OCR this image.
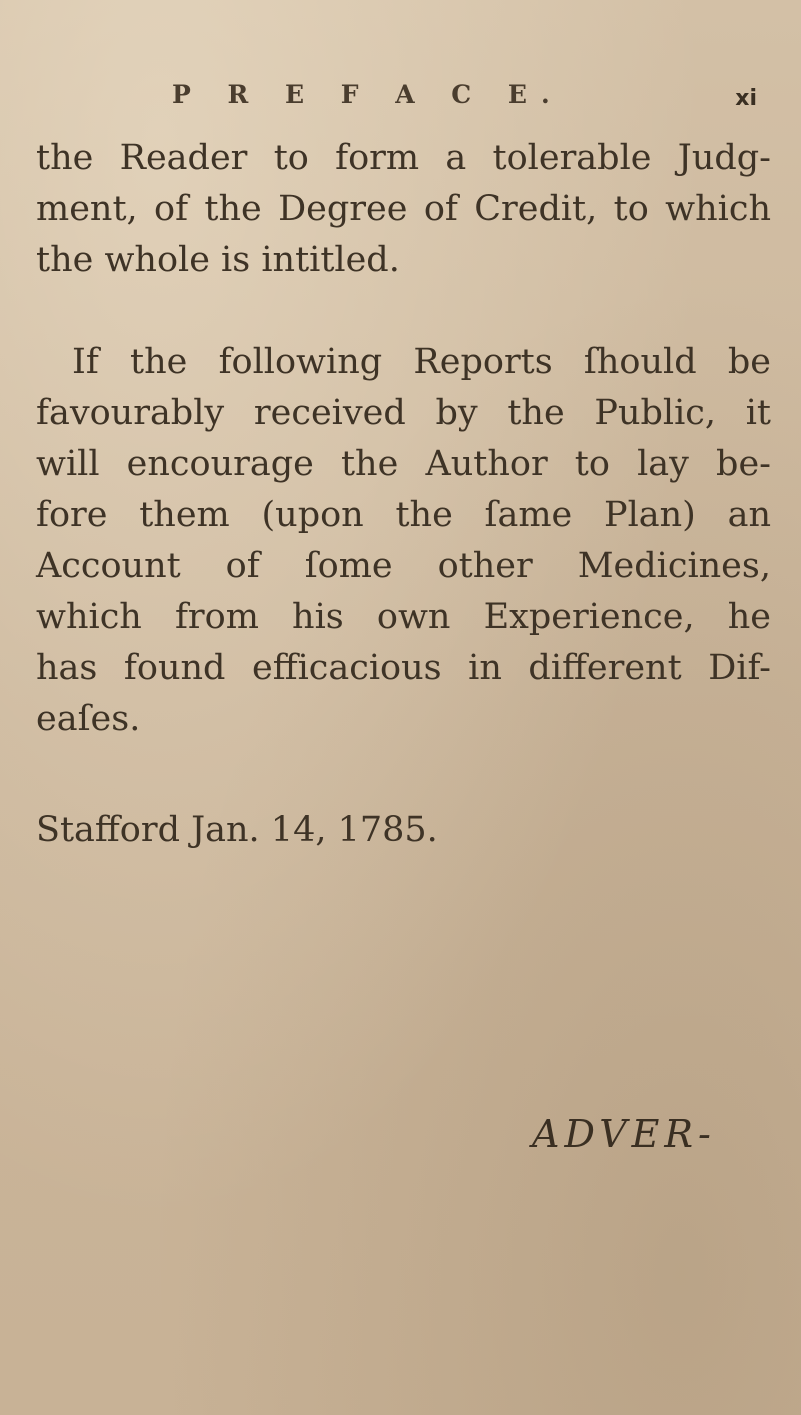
P R E F A C E.	xi
the Reader to form a tolerable Judg-
ment, of the Degree of Credit, to which
the whole is intitled.
If the following Reports ſhould be
favourably received by the Public, it
will encourage the Author to lay be-
fore them (upon the ſame Plan) an
Account of ſome other Medicines,
which from his own Experience, he
has found efficacious in different Dif-
eaſes.
Stafford Jan. 14, 1785.
ADVER-
